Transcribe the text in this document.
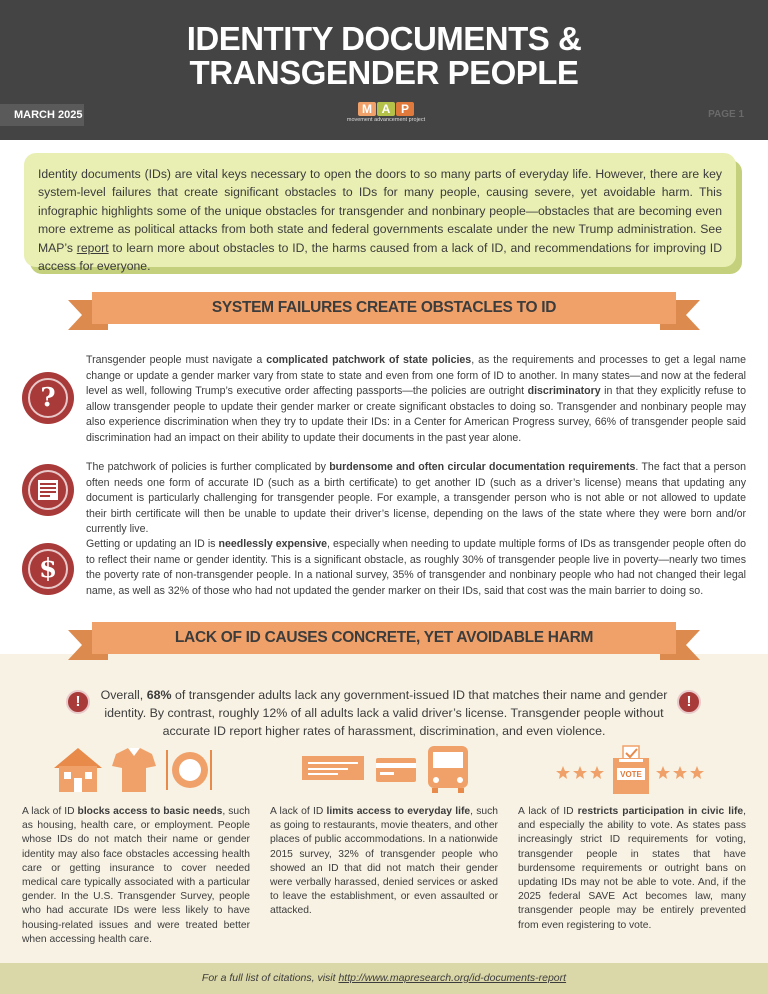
IDENTITY DOCUMENTS &
TRANSGENDER PEOPLE
MARCH 2025	M A P
movement advancement project	PAGE 1
Identity documents (IDs) are vital keys necessary to open the doors to so many parts of everyday life. However, there are key system-level failures that create significant obstacles to IDs for many people, causing severe, yet avoidable harm. This infographic highlights some of the unique obstacles for transgender and nonbinary people—obstacles that are becoming even more extreme as political attacks from both state and federal governments escalate under the new Trump administration. See MAP’s report to learn more about obstacles to ID, the harms caused from a lack of ID, and recommendations for improving ID access for everyone.
SYSTEM FAILURES CREATE OBSTACLES TO ID
?
Transgender people must navigate a complicated patchwork of state policies, as the requirements and processes to get a legal name change or update a gender marker vary from state to state and even from one form of ID to another. In many states—and now at the federal level as well, following Trump’s executive order affecting passports—the policies are outright discriminatory in that they explicitly refuse to allow transgender people to update their gender marker or create significant obstacles to doing so. Transgender and nonbinary people may also experience discrimination when they try to update their IDs: in a Center for American Progress survey, 66% of transgender people said discrimination had an impact on their ability to update their documents in the past year alone.
The patchwork of policies is further complicated by burdensome and often circular documentation requirements. The fact that a person often needs one form of accurate ID (such as a birth certificate) to get another ID (such as a driver’s license) means that updating any document is particularly challenging for transgender people. For example, a transgender person who is not able or not allowed to update their birth certificate will then be unable to update their driver’s license, depending on the laws of the state where they were born and/or currently live.
$
Getting or updating an ID is needlessly expensive, especially when needing to update multiple forms of IDs as transgender people often do to reflect their name or gender identity. This is a significant obstacle, as roughly 30% of transgender people live in poverty—nearly two times the poverty rate of non-transgender people. In a national survey, 35% of transgender and nonbinary people who had not changed their legal name, as well as 32% of those who had not updated the gender marker on their IDs, said that cost was the main barrier to doing so.
LACK OF ID CAUSES CONCRETE, YET AVOIDABLE HARM
!	!
Overall, 68% of transgender adults lack any government-issued ID that matches their name and gender identity. By contrast, roughly 12% of all adults lack a valid driver’s license. Transgender people without accurate ID report higher rates of harassment, discrimination, and even violence.
VOTE
A lack of ID blocks access to basic needs, such as housing, health care, or employment. People whose IDs do not match their name or gender identity may also face obstacles accessing health care or getting insurance to cover needed medical care typically associated with a particular gender. In the U.S. Transgender Survey, people who had accurate IDs were less likely to have housing-related issues and were treated better when accessing health care.
A lack of ID limits access to everyday life, such as going to restaurants, movie theaters, and other places of public accommodations. In a nationwide 2015 survey, 32% of transgender people who showed an ID that did not match their gender were verbally harassed, denied services or asked to leave the establishment, or even assaulted or attacked.
A lack of ID restricts participation in civic life, and especially the ability to vote. As states pass increasingly strict ID requirements for voting, transgender people in states that have burdensome requirements or outright bans on updating IDs may not be able to vote. And, if the 2025 federal SAVE Act becomes law, many transgender people may be entirely prevented from even registering to vote.
For a full list of citations, visit http://www.mapresearch.org/id-documents-report
